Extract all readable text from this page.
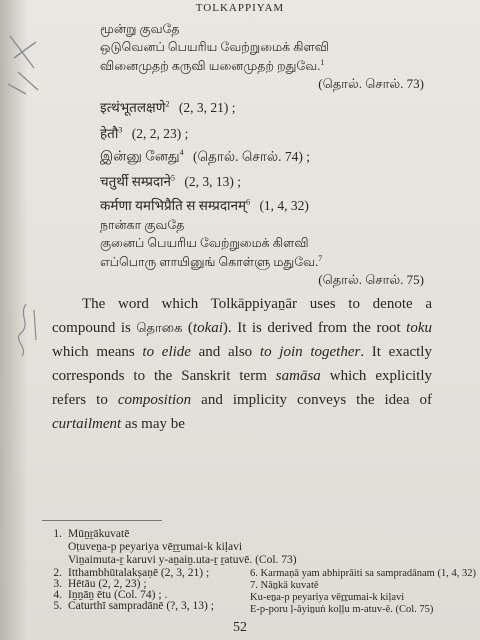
TOLKAPPIYAM
மூன்று குவதே
ஒடுவெனப் பெயரிய வேற்றுமைக் கிளவி
வினைமுதற் கருவி யனைமுதற் றதுவே.$^1$
(தொல். சொல். 73)
इत्थंभूतलक्षणे$^2$ (2, 3, 21) ;
हेतौ$^3$ (2, 2, 23) ;
இன்னு னேது$^4$ (தொல். சொல். 74) ;
चतुर्थी सम्प्रदाने$^5$ (2, 3, 13) ;
कर्मणा यमभिप्रैति स सम्प्रदानम्$^6$ (1, 4, 32)
நான்கா குவதே
குனைப் பெயரிய வேற்றுமைக் கிளவி
எப்பொரு ளாயினுங் கொள்ளு மதுவே.$^7$
(தொல். சொல். 75)

The word which Tolkāppiyaṉār uses to denote a compound is தொகை (tokai). It is derived from the root toku which means to elide and also to join together. It exactly corresponds to the Sanskrit term samāsa which explicitly refers to composition and implicity conveys the idea of curtailment as may be

1. Mūṉṟākuvatē
Oṭuveṉa-p peyariya vēṟṟumai-k kiḷavi
Viṉaimuta-ṟ karuvi y-aṉaiṉ.uta-ṟ ṟatuvē. (Col. 73)
2. Itthambhūtalakṣaṇē (2, 3, 21) ;
3. Hētāu (2, 2, 23) ;
4. Iṉṉāṉ ētu (Col. 74) ; .
5. Caturthī sampradānē (?, 3, 13) ;
52
6. Karmaṇā yam abhiprāiti sa sampradānam (1, 4, 32)
7. Nāṉkā kuvatē
Ku-eṉa-p peyariya vēṟṟumai-k kiḷavi
E-p-poru ḷ-āyiṉuṅ koḷḷu m-atuv-ē. (Col. 75)
